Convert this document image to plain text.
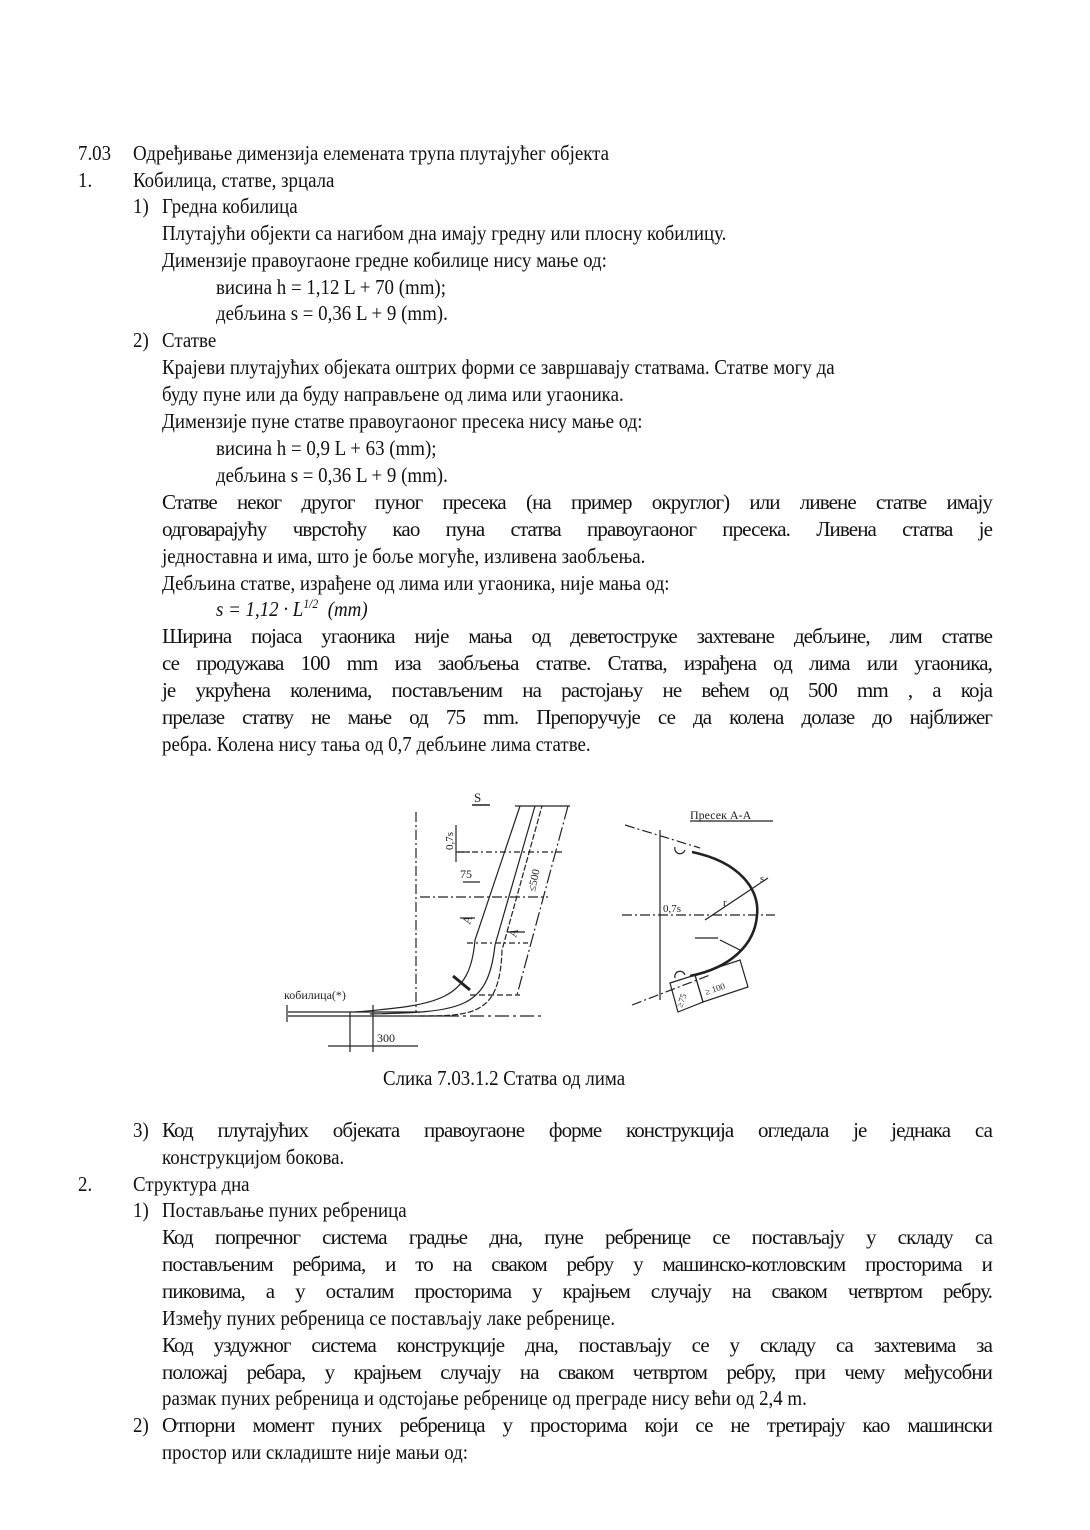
7.03 Одређивање димензија елемената трупа плутајућег објекта
1. Кобилица, статве, зрцала
1) Гредна кобилица
Плутајући објекти са нагибом дна имају гредну или плосну кобилицу.
Димензије правоугаоне гредне кобилице нису мање од:
висина h = 1,12 L + 70 (mm);
дебљина s = 0,36 L + 9 (mm).
2) Статве
Крајеви плутајућих објеката оштрих форми се завршавају статвама. Статве могу да
буду пуне или да буду направљене од лима или угаоника.
Димензије пуне статве правоугаоног пресека нису мање од:
висина h = 0,9 L + 63 (mm);
дебљина s = 0,36 L + 9 (mm).
Статве неког другог пуног пресека (на пример округлог) или ливене статве имају
одговарајућу чврстоћу као пуна статва правоугаоног пресека. Ливена статва је
једноставна и има, што је боље могуће, изливена заобљења.
Дебљина статве, израђене од лима или угаоника, није мања од:
$s = 1,12 \cdot L^{1/2}$  (mm)
Ширина појаса угаоника није мања од деветоструке захтеване дебљине, лим статве
се продужава 100 mm иза заобљења статве. Статва, израђена од лима или угаоника,
је укрућена коленима, постављеним на растојању не већем од 500 mm , а која
прелазе статву не мање од 75 mm. Препоручује се да колена долазе до најближег
ребра. Колена нису тања од 0,7 дебљине лима статве.
S
0,7s
75	≤500
A
A
кобилица(*)
300
Пресек А-А
0,7s	r
s
≥75
≥ 100
Слика 7.03.1.2 Статва од лима
3) Код плутајућих објеката правоугаоне форме конструкција огледала је једнака са
конструкцијом бокова.
2. Структура дна
1) Постављање пуних ребреница
Код попречног система градње дна, пуне ребренице се постављају у складу са
постављеним ребрима, и то на сваком ребру у машинско-котловским просторима и
пиковима, а у осталим просторима у крајњем случају на сваком четвртом ребру.
Између пуних ребреница се постављају лаке ребренице.
Код уздужног система конструкције дна, постављају се у складу са захтевима за
положај ребара, у крајњем случају на сваком четвртом ребру, при чему међусобни
размак пуних ребреница и одстојање ребренице од преграде нису већи од 2,4 m.
2) Отпорни момент пуних ребреница у просторима који се не третирају као машински
простор или складиште није мањи од:
